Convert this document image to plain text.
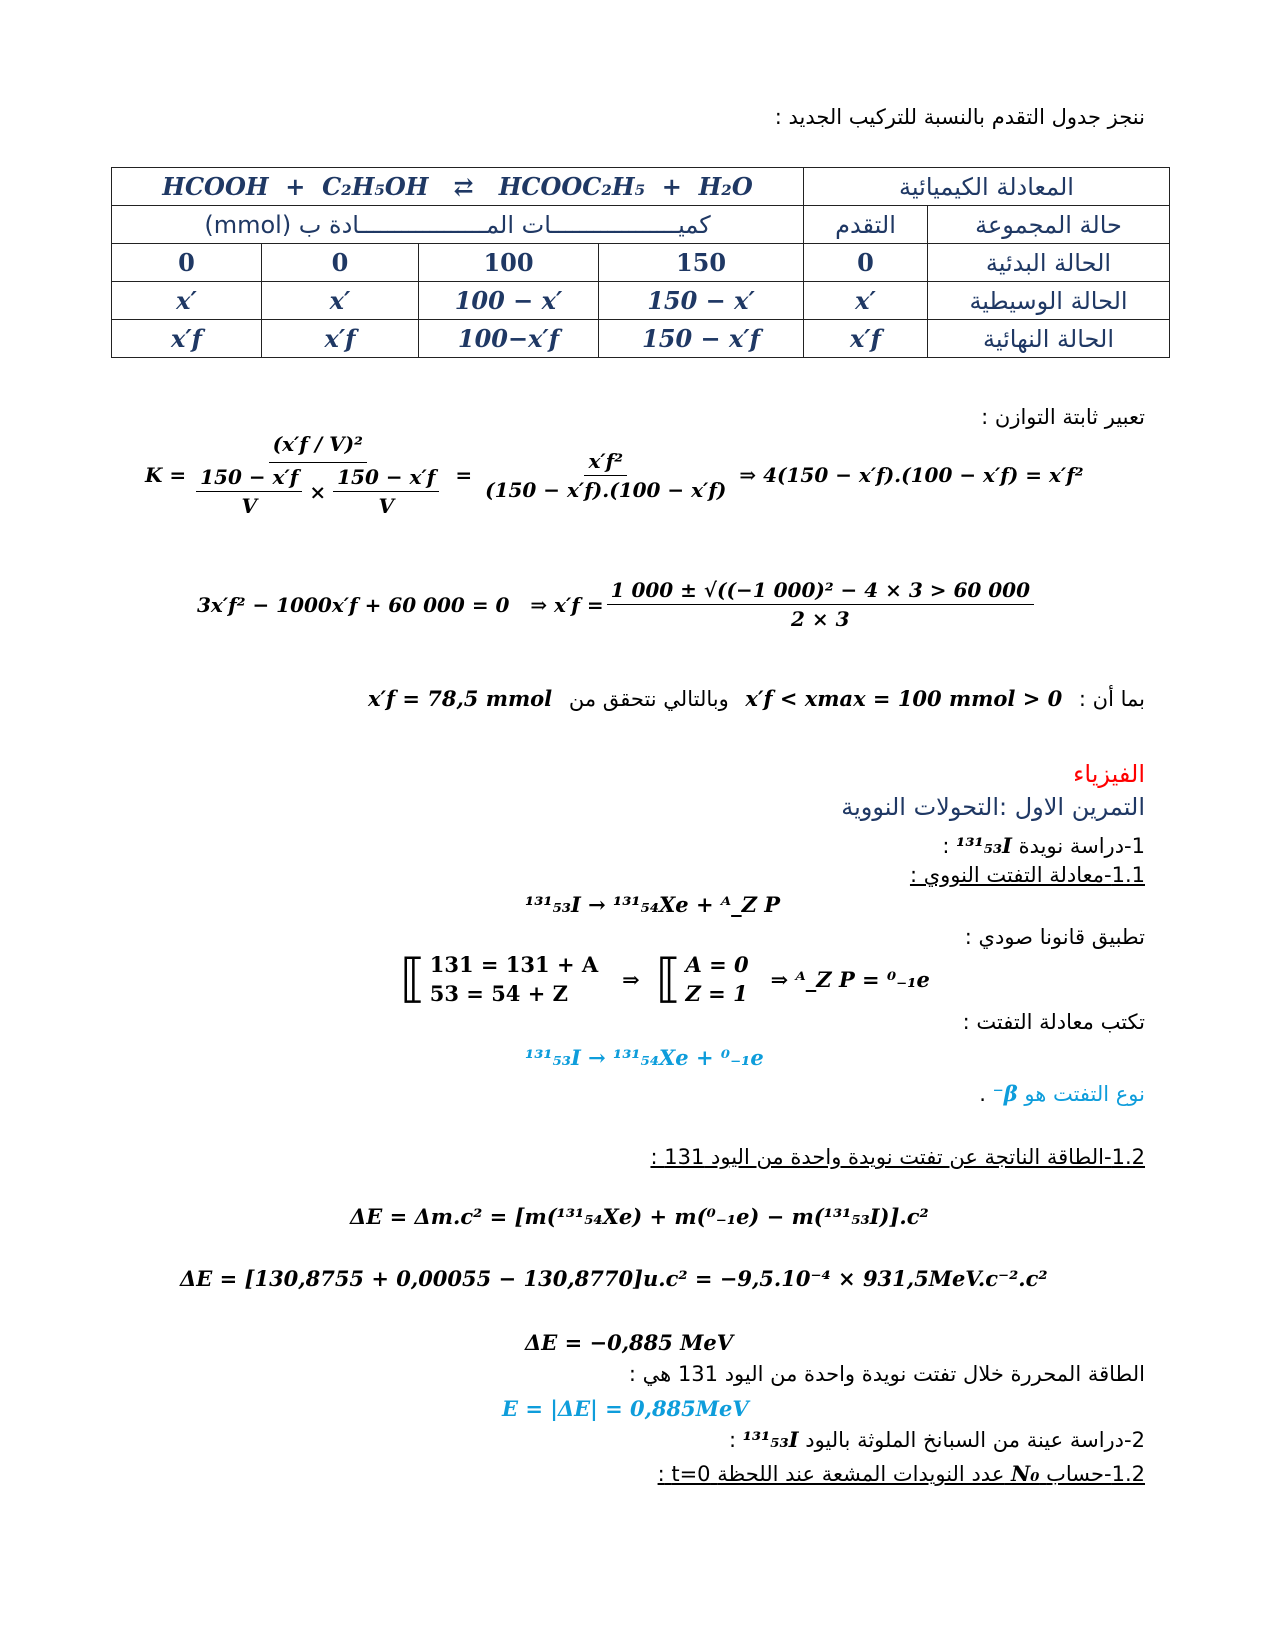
ننجز جدول التقدم بالنسبة للتركيب الجديد :
المعادلة الكيميائية		HCOOH  +  C₂H₅OH   ⇄   HCOOC₂H₅  +  H₂O			
حالة المجموعة	التقدم	كميــــــــــــــــــات المــــــــــــــــــادة ب (mmol)			
الحالة البدئية	0	150	100	0	0
الحالة الوسيطية	x′	150 − x′	100 − x′	x′	x′
الحالة النهائية	x′f	150 − x′f	100−x′f	x′f	x′f
تعبير ثابتة التوازن :
K =
(x′f / V)²
$\frac{150 - x'f}{V} \times \frac{150 - x'f}{V} = \frac{\text{x′f²}}{(150 - x'f).(100 - x'f)}$ ⇒ 4(150 − x′f).(100 − x′f) = x′f²
3x′f² − 1000x′f + 60 000 = 0   ⇒ $x'f = \frac{\text{1 000 ± √((−1 000)² − 4 × 3 > 60 000}}{2 \times 3}$
بما أن : 0 < x′f < xmax = 100 mmol وبالتالي نتحقق من x′f = 78,5 mmol
الفيزياء
التمرين الاول :التحولات النووية
1-دراسة نويدة ¹³¹₅₃I :
1.1-معادلة التفتت النووي :
¹³¹₅₃I → ¹³¹₅₄Xe + ᴬ_Z P
تطبيق قانونا صودي :
⟦ 131 = 131 + A
53 = 54 + Z
⇒ ⟦ A = 0
Z = 1
⇒ ᴬ_Z P = ⁰₋₁e
تكتب معادلة التفتت :
¹³¹₅₃I → ¹³¹₅₄Xe + ⁰₋₁e
نوع التفتت هو β⁻ .
1.2-الطاقة الناتجة عن تفتت نويدة واحدة من اليود 131 :
ΔE = Δm.c² = [m(¹³¹₅₄Xe) + m(⁰₋₁e) − m(¹³¹₅₃I)].c²
ΔE = [130,8755 + 0,00055 − 130,8770]u.c² = −9,5.10⁻⁴ × 931,5MeV.c⁻².c²
ΔE = −0,885 MeV
الطاقة المحررة خلال تفتت نويدة واحدة من اليود 131 هي :
E = |ΔE| = 0,885MeV
2-دراسة عينة من السبانخ الملوثة باليود ¹³¹₅₃I :
1.2-حساب N₀ عدد النويدات المشعة عند اللحظة t=0 :
